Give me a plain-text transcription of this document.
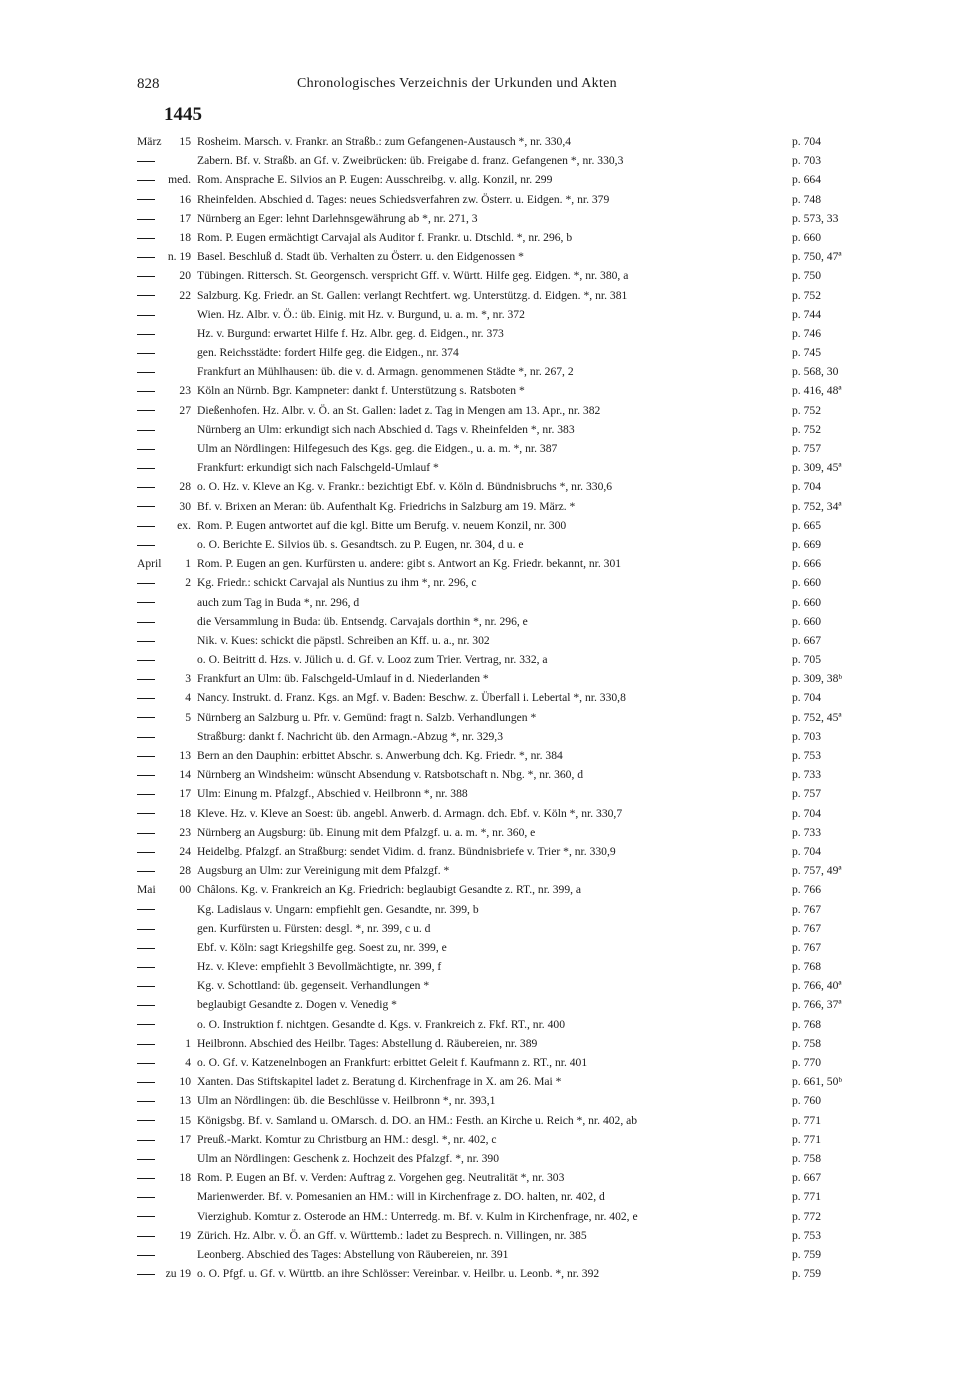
828	Chronologisches Verzeichnis der Urkunden und Akten
1445
März	15 Rosheim. Marsch. v. Frankr. an Straßb.: zum Gefangenen-Austausch *, nr. 330,4	p. 704
Zabern. Bf. v. Straßb. an Gf. v. Zweibrücken: üb. Freigabe d. franz. Gefangenen *, nr. 330,3	p. 703
med. Rom. Ansprache E. Silvios an P. Eugen: Ausschreibg. v. allg. Konzil, nr. 299	p. 664
16 Rheinfelden. Abschied d. Tages: neues Schiedsverfahren zw. Österr. u. Eidgen. *, nr. 379	p. 748
17 Nürnberg an Eger: lehnt Darlehnsgewährung ab *, nr. 271, 3	p. 573, 33
18 Rom. P. Eugen ermächtigt Carvajal als Auditor f. Frankr. u. Dtschld. *, nr. 296, b	p. 660
n. 19 Basel. Beschluß d. Stadt üb. Verhalten zu Österr. u. den Eidgenossen *	p. 750, 47ª
20 Tübingen. Rittersch. St. Georgensch. verspricht Gff. v. Württ. Hilfe geg. Eidgen. *, nr. 380, a	p. 750
22 Salzburg. Kg. Friedr. an St. Gallen: verlangt Rechtfert. wg. Unterstützg. d. Eidgen. *, nr. 381	p. 752
Wien. Hz. Albr. v. Ö.: üb. Einig. mit Hz. v. Burgund, u. a. m. *, nr. 372	p. 744
Hz. v. Burgund: erwartet Hilfe f. Hz. Albr. geg. d. Eidgen., nr. 373	p. 746
gen. Reichsstädte: fordert Hilfe geg. die Eidgen., nr. 374	p. 745
Frankfurt an Mühlhausen: üb. die v. d. Armagn. genommenen Städte *, nr. 267, 2	p. 568, 30
23 Köln an Nürnb. Bgr. Kampneter: dankt f. Unterstützung s. Ratsboten *	p. 416, 48ª
27 Dießenhofen. Hz. Albr. v. Ö. an St. Gallen: ladet z. Tag in Mengen am 13. Apr., nr. 382	p. 752
Nürnberg an Ulm: erkundigt sich nach Abschied d. Tags v. Rheinfelden *, nr. 383	p. 752
Ulm an Nördlingen: Hilfegesuch des Kgs. geg. die Eidgen., u. a. m. *, nr. 387	p. 757
Frankfurt: erkundigt sich nach Falschgeld-Umlauf *	p. 309, 45ª
28 o. O. Hz. v. Kleve an Kg. v. Frankr.: bezichtigt Ebf. v. Köln d. Bündnisbruchs *, nr. 330,6	p. 704
30 Bf. v. Brixen an Meran: üb. Aufenthalt Kg. Friedrichs in Salzburg am 19. März. *	p. 752, 34ª
ex. Rom. P. Eugen antwortet auf die kgl. Bitte um Berufg. v. neuem Konzil, nr. 300	p. 665
o. O. Berichte E. Silvios üb. s. Gesandtsch. zu P. Eugen, nr. 304, d u. e	p. 669
April	1 Rom. P. Eugen an gen. Kurfürsten u. andere: gibt s. Antwort an Kg. Friedr. bekannt, nr. 301	p. 666
2 Kg. Friedr.: schickt Carvajal als Nuntius zu ihm *, nr. 296, c	p. 660
auch zum Tag in Buda *, nr. 296, d	p. 660
die Versammlung in Buda: üb. Entsendg. Carvajals dorthin *, nr. 296, e	p. 660
Nik. v. Kues: schickt die päpstl. Schreiben an Kff. u. a., nr. 302	p. 667
o. O. Beitritt d. Hzs. v. Jülich u. d. Gf. v. Looz zum Trier. Vertrag, nr. 332, a	p. 705
3 Frankfurt an Ulm: üb. Falschgeld-Umlauf in d. Niederlanden *	p. 309, 38ᵇ
4 Nancy. Instrukt. d. Franz. Kgs. an Mgf. v. Baden: Beschw. z. Überfall i. Lebertal *, nr. 330,8	p. 704
5 Nürnberg an Salzburg u. Pfr. v. Gemünd: fragt n. Salzb. Verhandlungen *	p. 752, 45ª
Straßburg: dankt f. Nachricht üb. den Armagn.-Abzug *, nr. 329,3	p. 703
13 Bern an den Dauphin: erbittet Abschr. s. Anwerbung dch. Kg. Friedr. *, nr. 384	p. 753
14 Nürnberg an Windsheim: wünscht Absendung v. Ratsbotschaft n. Nbg. *, nr. 360, d	p. 733
17 Ulm: Einung m. Pfalzgf., Abschied v. Heilbronn *, nr. 388	p. 757
18 Kleve. Hz. v. Kleve an Soest: üb. angebl. Anwerb. d. Armagn. dch. Ebf. v. Köln *, nr. 330,7	p. 704
23 Nürnberg an Augsburg: üb. Einung mit dem Pfalzgf. u. a. m. *, nr. 360, e	p. 733
24 Heidelbg. Pfalzgf. an Straßburg: sendet Vidim. d. franz. Bündnisbriefe v. Trier *, nr. 330,9	p. 704
28 Augsburg an Ulm: zur Vereinigung mit dem Pfalzgf. *	p. 757, 49ª
Mai	00 Châlons. Kg. v. Frankreich an Kg. Friedrich: beglaubigt Gesandte z. RT., nr. 399, a	p. 766
Kg. Ladislaus v. Ungarn: empfiehlt gen. Gesandte, nr. 399, b	p. 767
gen. Kurfürsten u. Fürsten: desgl. *, nr. 399, c u. d	p. 767
Ebf. v. Köln: sagt Kriegshilfe geg. Soest zu, nr. 399, e	p. 767
Hz. v. Kleve: empfiehlt 3 Bevollmächtigte, nr. 399, f	p. 768
Kg. v. Schottland: üb. gegenseit. Verhandlungen *	p. 766, 40ª
beglaubigt Gesandte z. Dogen v. Venedig *	p. 766, 37ª
o. O. Instruktion f. nichtgen. Gesandte d. Kgs. v. Frankreich z. Fkf. RT., nr. 400	p. 768
1 Heilbronn. Abschied des Heilbr. Tages: Abstellung d. Räubereien, nr. 389	p. 758
4 o. O. Gf. v. Katzenelnbogen an Frankfurt: erbittet Geleit f. Kaufmann z. RT., nr. 401	p. 770
10 Xanten. Das Stiftskapitel ladet z. Beratung d. Kirchenfrage in X. am 26. Mai *	p. 661, 50ᵇ
13 Ulm an Nördlingen: üb. die Beschlüsse v. Heilbronn *, nr. 393,1	p. 760
15 Königsbg. Bf. v. Samland u. OMarsch. d. DO. an HM.: Festh. an Kirche u. Reich *, nr. 402, ab	p. 771
17 Preuß.-Markt. Komtur zu Christburg an HM.: desgl. *, nr. 402, c	p. 771
Ulm an Nördlingen: Geschenk z. Hochzeit des Pfalzgf. *, nr. 390	p. 758
18 Rom. P. Eugen an Bf. v. Verden: Auftrag z. Vorgehen geg. Neutralität *, nr. 303	p. 667
Marienwerder. Bf. v. Pomesanien an HM.: will in Kirchenfrage z. DO. halten, nr. 402, d	p. 771
Vierzighub. Komtur z. Osterode an HM.: Unterredg. m. Bf. v. Kulm in Kirchenfrage, nr. 402, e	p. 772
19 Zürich. Hz. Albr. v. Ö. an Gff. v. Württemb.: ladet zu Besprech. n. Villingen, nr. 385	p. 753
Leonberg. Abschied des Tages: Abstellung von Räubereien, nr. 391	p. 759
zu 19 o. O. Pfgf. u. Gf. v. Württb. an ihre Schlösser: Vereinbar. v. Heilbr. u. Leonb. *, nr. 392	p. 759
